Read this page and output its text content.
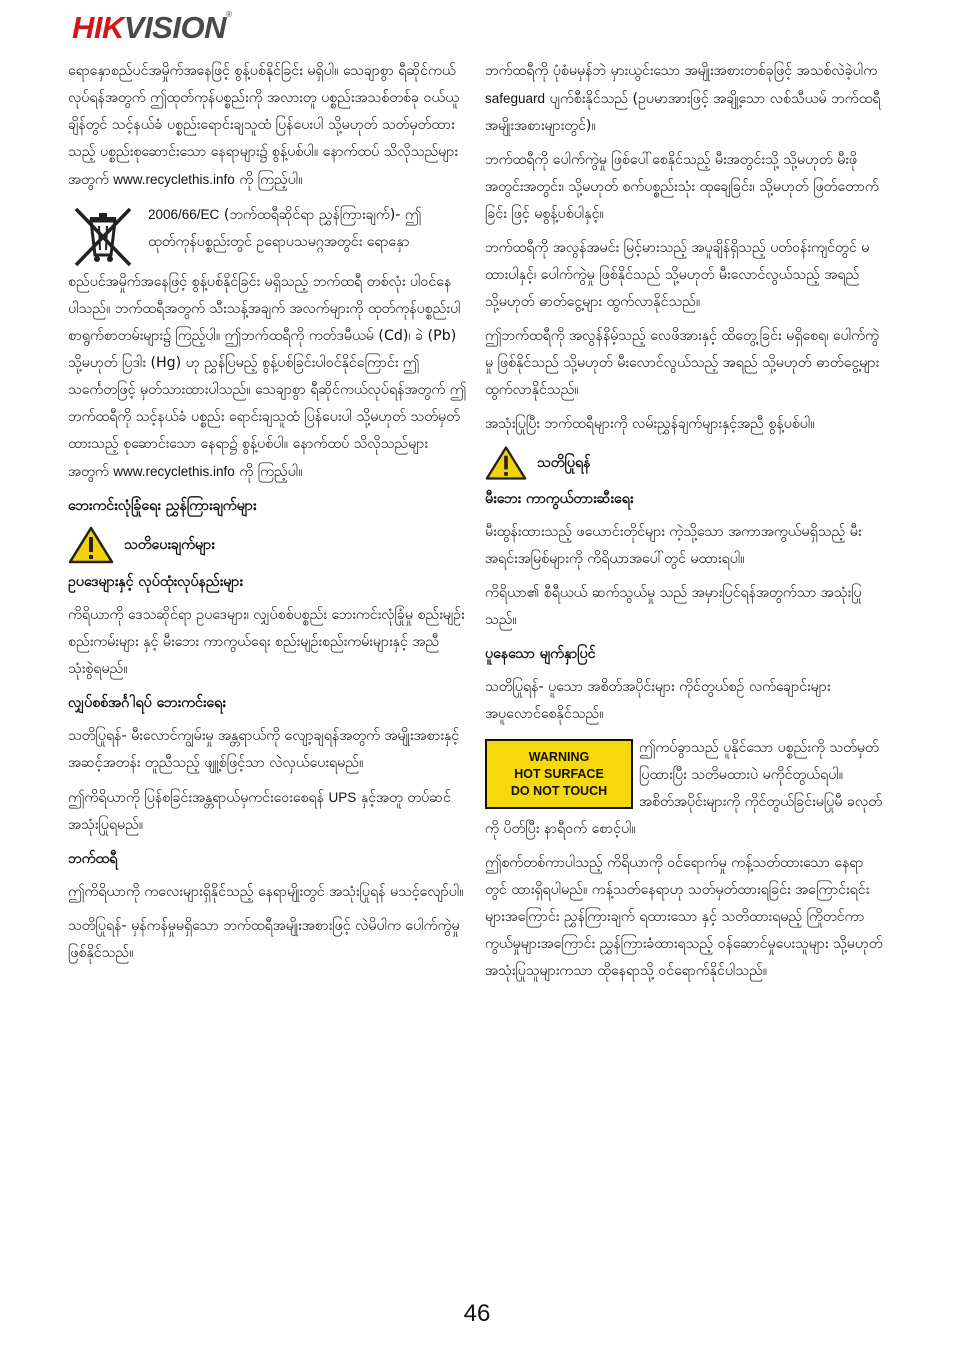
HIKVISION®

ရောနှောစည်ပင်အမှိုက်အနေဖြင့် စွန့်ပစ်နိုင်ခြင်း မရှိပါ။ သေချာစွာ ရီဆိုင်ကယ်လုပ်ရန်အတွက် ဤထုတ်ကုန်ပစ္စည်းကို အလားတူ ပစ္စည်းအသစ်တစ်ခု ဝယ်ယူချိန်တွင် သင့်နယ်ခံ ပစ္စည်းရောင်းချသူထံ ပြန်ပေးပါ သို့မဟုတ် သတ်မှတ်ထားသည့် ပစ္စည်းစုဆောင်းသော နေရာများ၌ စွန့်ပစ်ပါ။ နောက်ထပ် သိလိုသည်များအတွက် www.recyclethis.info ကို ကြည့်ပါ။

2006/66/EC (ဘက်ထရီဆိုင်ရာ ညွှန်ကြားချက်)- ဤထုတ်ကုန်ပစ္စည်းတွင် ဥရောပသမဂ္ဂအတွင်း ရောနှော

စည်ပင်အမှိုက်အနေဖြင့် စွန့်ပစ်နိုင်ခြင်း မရှိသည့် ဘက်ထရီ တစ်လုံး ပါဝင်နေပါသည်။ ဘက်ထရီအတွက် သီးသန့်အချက် အလက်များကို ထုတ်ကုန်ပစ္စည်းပါ စာရွက်စာတမ်းများ၌ ကြည့်ပါ။ ဤဘက်ထရီကို ကတ်ဒမီယမ် (Cd)၊ ခဲ (Pb) သို့မဟုတ် ပြဒါး (Hg) ဟု ညွှန်ပြမည့် စွန့်ပစ်ခြင်းပါဝင်နိုင်ကြောင်း ဤသင်္ကေတဖြင့် မှတ်သားထားပါသည်။ သေချာစွာ ရီဆိုင်ကယ်လုပ်ရန်အတွက် ဤဘက်ထရီကို သင့်နယ်ခံ ပစ္စည်း ရောင်းချသူထံ ပြန်ပေးပါ သို့မဟုတ် သတ်မှတ်ထားသည့် စုဆောင်းသော နေရာ၌ စွန့်ပစ်ပါ။ နောက်ထပ် သိလိုသည်များအတွက် www.recyclethis.info ကို ကြည့်ပါ။

ဘေးကင်းလုံခြုံရေး ညွှန်ကြားချက်များ

သတိပေးချက်များ

ဥပဒေများနှင့် လုပ်ထုံးလုပ်နည်းများ

ကိရိယာကို ဒေသဆိုင်ရာ ဥပဒေများ၊ လျှပ်စစ်ပစ္စည်း ဘေးကင်းလုံခြုံမှု စည်းမျဉ်းစည်းကမ်းများ နှင့် မီးဘေး ကာကွယ်ရေး စည်းမျဉ်းစည်းကမ်းများနှင့် အညီ သုံးစွဲရမည်။

လျှပ်စစ်အင်္ဂါရပ် ဘေးကင်းရေး

သတိပြုရန်- မီးလောင်ကျွမ်းမှု အန္တရာယ်ကို လျော့ချရန်အတွက် အမျိုးအစားနှင့် အဆင့်အတန်း တူညီသည့် ဖျူ့စ်ဖြင့်သာ လဲလှယ်ပေးရမည်။

ဤကိရိယာကို ပြန်စခြင်းအန္တရာယ်မှကင်းဝေးစေရန် UPS နှင့်အတူ တပ်ဆင်အသုံးပြုရမည်။

ဘက်ထရီ

ဤကိရိယာကို ကလေးများရှိနိုင်သည့် နေရာမျိုးတွင် အသုံးပြုရန် မသင့်လျော်ပါ။

သတိပြုရန်- မှန်ကန်မှုမရှိသော ဘက်ထရီအမျိုးအစားဖြင့် လဲမိပါက ပေါက်ကွဲမှုဖြစ်နိုင်သည်။

ဘက်ထရီကို ပုံစံမမှန်ဘဲ မှားယွင်းသော အမျိုးအစားတစ်ခုဖြင့် အသစ်လဲခဲ့ပါက safeguard ပျက်စီးနိုင်သည် (ဥပမာအားဖြင့် အချို့သော လစ်သီယမ် ဘက်ထရီအမျိုးအစားများတွင်)။

ဘက်ထရီကို ပေါက်ကွဲမှု ဖြစ်ပေါ်စေနိုင်သည့် မီးအတွင်းသို့ သို့မဟုတ် မီးဖိုအတွင်းအတွင်း၊ သို့မဟုတ် စက်ပစ္စည်းသုံး ထုချေခြင်း၊ သို့မဟုတ် ဖြတ်တောက်ခြင်း ဖြင့် မစွန့်ပစ်ပါနှင့်။

ဘက်ထရီကို အလွန်အမင်း မြင့်မားသည့် အပူချိန်ရှိသည့် ပတ်ဝန်းကျင်တွင် မထားပါနှင့်၊ ပေါက်ကွဲမှု ဖြစ်နိုင်သည် သို့မဟုတ် မီးလောင်လွယ်သည့် အရည် သို့မဟုတ် ဓာတ်ငွေ့များ ထွက်လာနိုင်သည်။

ဤဘက်ထရီကို အလွန်နိမ့်သည့် လေဖိအားနှင့် ထိတွေ့ခြင်း မရှိစေရ၊ ပေါက်ကွဲမှု ဖြစ်နိုင်သည် သို့မဟုတ် မီးလောင်လွယ်သည့် အရည် သို့မဟုတ် ဓာတ်ငွေ့များ ထွက်လာနိုင်သည်။

အသုံးပြုပြီး ဘက်ထရီများကို လမ်းညွှန်ချက်များနှင့်အညီ စွန့်ပစ်ပါ။

သတိပြုရန်

မီးဘေး ကာကွယ်တားဆီးရေး

မီးထွန်းထားသည့် ဖယောင်းတိုင်များ ကဲ့သို့သော အကာအကွယ်မရှိသည့် မီးအရင်းအမြစ်များကို ကိရိယာအပေါ်တွင် မထားရပါ။

ကိရိယာ၏ စီရီယယ် ဆက်သွယ်မှု သည် အမှားပြင်ရန်အတွက်သာ အသုံးပြုသည်။

ပူနေသော မျက်နှာပြင်

သတိပြုရန်- ပူသော အစိတ်အပိုင်းများ ကိုင်တွယ်စဉ် လက်ချောင်းများ အပူလောင်စေနိုင်သည်။

WARNING
HOT SURFACE
DO NOT TOUCH

ဤကပ်ခွာသည် ပူနိုင်သော ပစ္စည်းကို သတ်မှတ်ပြထားပြီး သတိမထားပဲ မကိုင်တွယ်ရပါ။ အစိတ်အပိုင်းများကို ကိုင်တွယ်ခြင်းမပြုမီ ခလုတ်ကို ပိတ်ပြီး နာရီဝက် စောင့်ပါ။

ဤစက်တစ်ကာပါသည့် ကိရိယာကို ဝင်ရောက်မှု ကန့်သတ်ထားသော နေရာတွင် ထားရှိရပါမည်။ ကန့်သတ်နေရာဟု သတ်မှတ်ထားရခြင်း အကြောင်းရင်းများအကြောင်း ညွှန်ကြားချက် ရထားသော နှင့် သတိထားရမည့် ကြိုတင်ကာကွယ်မှုများအကြောင်း ညွှန်ကြားခံထားရသည့် ဝန်ဆောင်မှုပေးသူများ သို့မဟုတ် အသုံးပြုသူများကသာ ထိုနေရာသို့ ဝင်ရောက်နိုင်ပါသည်။

46
